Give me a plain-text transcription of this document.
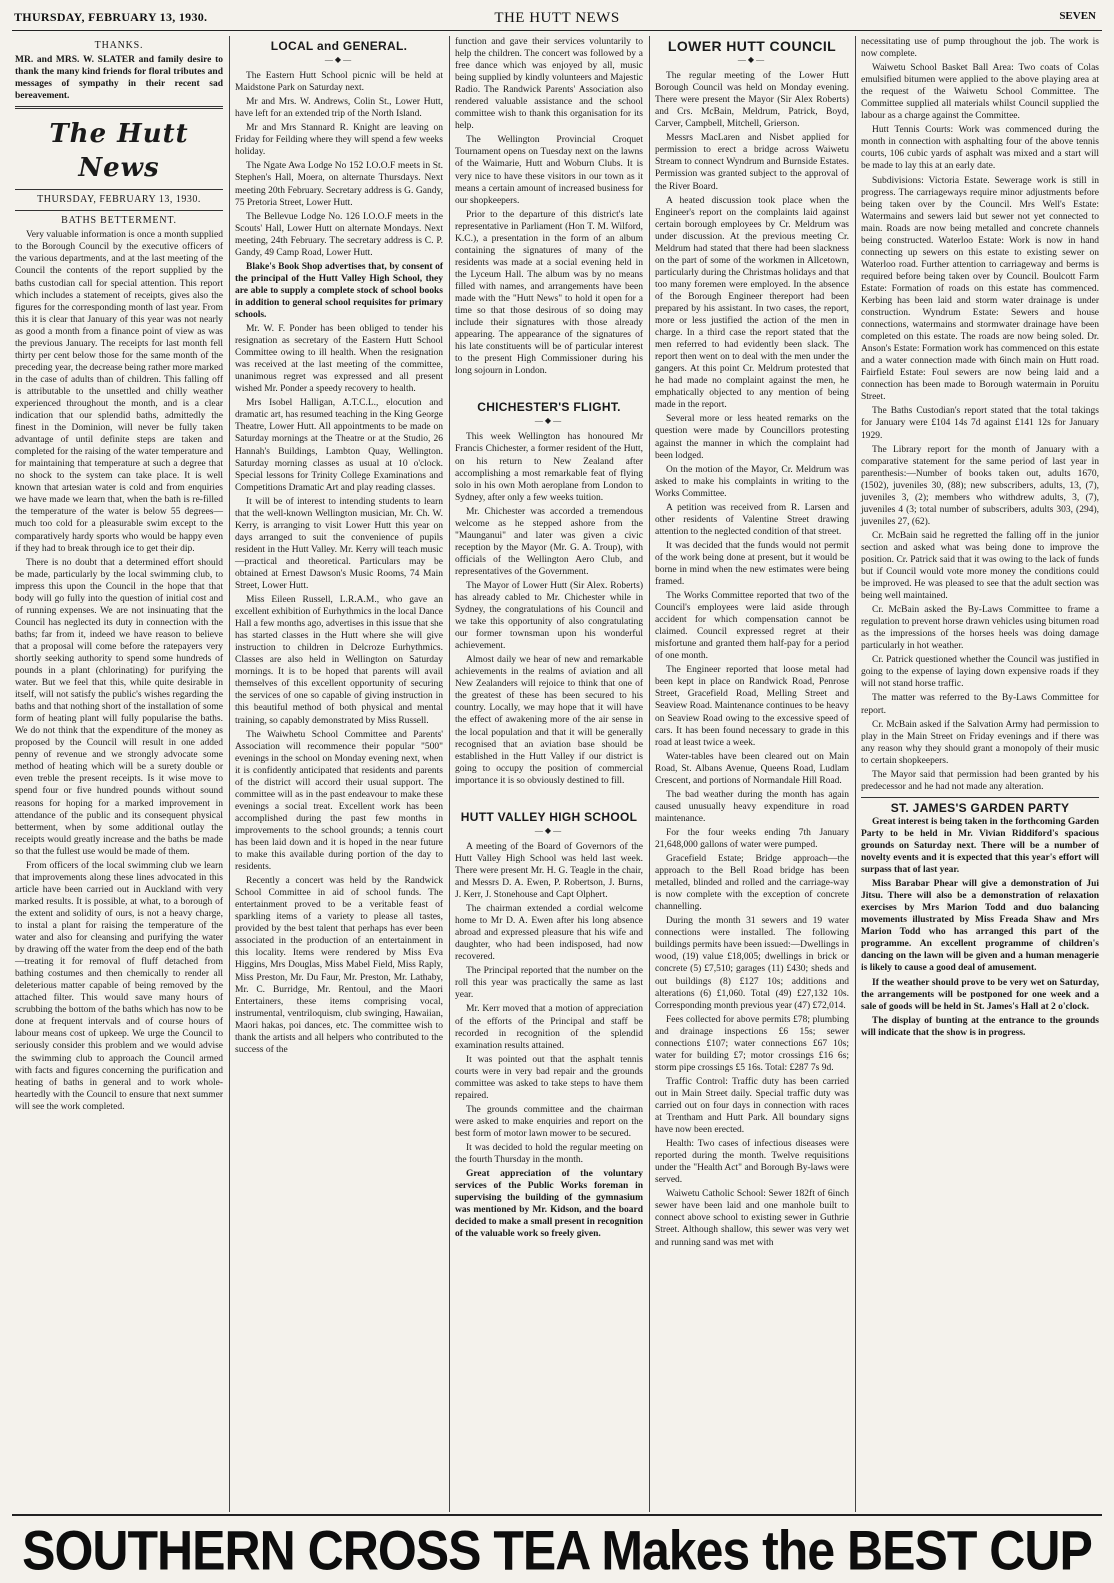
THURSDAY, FEBRUARY 13, 1930.	THE HUTT NEWS	SEVEN
THANKS.

MR. and MRS. W. SLATER and family desire to thank the many kind friends for floral tributes and messages of sympathy in their recent sad bereavement.

The Hutt News
THURSDAY, FEBRUARY 13, 1930.
BATHS BETTERMENT.

Very valuable information is once a month supplied to the Borough Council by the executive officers of the various departments, and at the last meeting of the Council the contents of the report supplied by the baths custodian call for special attention. This report which includes a statement of receipts, gives also the figures for the corresponding month of last year. From this it is clear that January of this year was not nearly as good a month from a finance point of view as was the previous January. The receipts for last month fell thirty per cent below those for the same month of the preceding year, the decrease being rather more marked in the case of adults than of children. This falling off is attributable to the unsettled and chilly weather experienced throughout the month, and is a clear indication that our splendid baths, admittedly the finest in the Dominion, will never be fully taken advantage of until definite steps are taken and completed for the raising of the water temperature and for maintaining that temperature at such a degree that no shock to the system can take place. It is well known that artesian water is cold and from enquiries we have made we learn that, when the bath is re-filled the temperature of the water is below 55 degrees—much too cold for a pleasurable swim except to the comparatively hardy sports who would be happy even if they had to break through ice to get their dip.

There is no doubt that a determined effort should be made, particularly by the local swimming club, to impress this upon the Council in the hope that that body will go fully into the question of initial cost and of running expenses. We are not insinuating that the Council has neglected its duty in connection with the baths; far from it, indeed we have reason to believe that a proposal will come before the ratepayers very shortly seeking authority to spend some hundreds of pounds in a plant (chlorinating) for purifying the water. But we feel that this, while quite desirable in itself, will not satisfy the public's wishes regarding the baths and that nothing short of the installation of some form of heating plant will fully popularise the baths. We do not think that the expenditure of the money as proposed by the Council will result in one added penny of revenue and we strongly advocate some method of heating which will be a surety double or even treble the present receipts. Is it wise move to spend four or five hundred pounds without sound reasons for hoping for a marked improvement in attendance of the public and its consequent physical betterment, when by some additional outlay the receipts would greatly increase and the baths be made so that the fullest use would be made of them.

From officers of the local swimming club we learn that improvements along these lines advocated in this article have been carried out in Auckland with very marked results. It is possible, at what, to a borough of the extent and solidity of ours, is not a heavy charge, to instal a plant for raising the temperature of the water and also for cleansing and purifying the water by drawing off the water from the deep end of the bath—treating it for removal of fluff detached from bathing costumes and then chemically to render all deleterious matter capable of being removed by the attached filter. This would save many hours of scrubbing the bottom of the baths which has now to be done at frequent intervals and of course hours of labour means cost of upkeep. We urge the Council to seriously consider this problem and we would advise the swimming club to approach the Council armed with facts and figures concerning the purification and heating of baths in general and to work whole-heartedly with the Council to ensure that next summer will see the work completed.

LOCAL and GENERAL.
—◆—

The Eastern Hutt School picnic will be held at Maidstone Park on Saturday next.

Mr and Mrs. W. Andrews, Colin St., Lower Hutt, have left for an extended trip of the North Island.

Mr and Mrs Stannard R. Knight are leaving on Friday for Feilding where they will spend a few weeks holiday.

The Ngate Awa Lodge No 152 I.O.O.F meets in St. Stephen's Hall, Moera, on alternate Thursdays. Next meeting 20th February. Secretary address is G. Gandy, 75 Pretoria Street, Lower Hutt.

The Bellevue Lodge No. 126 I.O.O.F meets in the Scouts' Hall, Lower Hutt on alternate Mondays. Next meeting, 24th February. The secretary address is C. P. Gandy, 49 Camp Road, Lower Hutt.

Blake's Book Shop advertises that, by consent of the principal of the Hutt Valley High School, they are able to supply a complete stock of school books in addition to general school requisites for primary schools.

Mr. W. F. Ponder has been obliged to tender his resignation as secretary of the Eastern Hutt School Committee owing to ill health. When the resignation was received at the last meeting of the committee, unanimous regret was expressed and all present wished Mr. Ponder a speedy recovery to health.

Mrs Isobel Halligan, A.T.C.L., elocution and dramatic art, has resumed teaching in the King George Theatre, Lower Hutt. All appointments to be made on Saturday mornings at the Theatre or at the Studio, 26 Hannah's Buildings, Lambton Quay, Wellington. Saturday morning classes as usual at 10 o'clock. Special lessons for Trinity College Examinations and Competitions Dramatic Art and play reading classes.

It will be of interest to intending students to learn that the well-known Wellington musician, Mr. Ch. W. Kerry, is arranging to visit Lower Hutt this year on days arranged to suit the convenience of pupils resident in the Hutt Valley. Mr. Kerry will teach music—practical and theoretical. Particulars may be obtained at Ernest Dawson's Music Rooms, 74 Main Street, Lower Hutt.

Miss Eileen Russell, L.R.A.M., who gave an excellent exhibition of Eurhythmics in the local Dance Hall a few months ago, advertises in this issue that she has started classes in the Hutt where she will give instruction to children in Delcroze Eurhythmics. Classes are also held in Wellington on Saturday mornings. It is to be hoped that parents will avail themselves of this excellent opportunity of securing the services of one so capable of giving instruction in this beautiful method of both physical and mental training, so capably demonstrated by Miss Russell.

The Waiwhetu School Committee and Parents' Association will recommence their popular "500" evenings in the school on Monday evening next, when it is confidently anticipated that residents and parents of the district will accord their usual support. The committee will as in the past endeavour to make these evenings a social treat. Excellent work has been accomplished during the past few months in improvements to the school grounds; a tennis court has been laid down and it is hoped in the near future to make this available during portion of the day to residents.

Recently a concert was held by the Randwick School Committee in aid of school funds. The entertainment proved to be a veritable feast of sparkling items of a variety to please all tastes, provided by the best talent that perhaps has ever been associated in the production of an entertainment in this locality. Items were rendered by Miss Eva Higgins, Mrs Douglas, Miss Mabel Field, Miss Raply, Miss Preston, Mr. Du Faur, Mr. Preston, Mr. Lathaby, Mr. C. Burridge, Mr. Rentoul, and the Maori Entertainers, these items comprising vocal, instrumental, ventriloquism, club swinging, Hawaiian, Maori hakas, poi dances, etc. The committee wish to thank the artists and all helpers who contributed to the success of the

function and gave their services voluntarily to help the children. The concert was followed by a free dance which was enjoyed by all, music being supplied by kindly volunteers and Majestic Radio. The Randwick Parents' Association also rendered valuable assistance and the school committee wish to thank this organisation for its help.

The Wellington Provincial Croquet Tournament opens on Tuesday next on the lawns of the Waimarie, Hutt and Woburn Clubs. It is very nice to have these visitors in our town as it means a certain amount of increased business for our shopkeepers.

Prior to the departure of this district's late representative in Parliament (Hon T. M. Wilford, K.C.), a presentation in the form of an album containing the signatures of many of the residents was made at a social evening held in the Lyceum Hall. The album was by no means filled with names, and arrangements have been made with the "Hutt News" to hold it open for a time so that those desirous of so doing may include their signatures with those already appearing. The appearance of the signatures of his late constituents will be of particular interest to the present High Commissioner during his long sojourn in London.

CHICHESTER'S FLIGHT.
—◆—

This week Wellington has honoured Mr Francis Chichester, a former resident of the Hutt, on his return to New Zealand after accomplishing a most remarkable feat of flying solo in his own Moth aeroplane from London to Sydney, after only a few weeks tuition.

Mr. Chichester was accorded a tremendous welcome as he stepped ashore from the "Maunganui" and later was given a civic reception by the Mayor (Mr. G. A. Troup), with officials of the Wellington Aero Club, and representatives of the Government.

The Mayor of Lower Hutt (Sir Alex. Roberts) has already cabled to Mr. Chichester while in Sydney, the congratulations of his Council and we take this opportunity of also congratulating our former townsman upon his wonderful achievement.

Almost daily we hear of new and remarkable achievements in the realms of aviation and all New Zealanders will rejoice to think that one of the greatest of these has been secured to his country. Locally, we may hope that it will have the effect of awakening more of the air sense in the local population and that it will be generally recognised that an aviation base should be established in the Hutt Valley if our district is going to occupy the position of commercial importance it is so obviously destined to fill.

HUTT VALLEY HIGH SCHOOL
—◆—

A meeting of the Board of Governors of the Hutt Valley High School was held last week. There were present Mr. H. G. Teagle in the chair, and Messrs D. A. Ewen, P. Robertson, J. Burns, J. Kerr, J. Stonehouse and Capt Olphert.

The chairman extended a cordial welcome home to Mr D. A. Ewen after his long absence abroad and expressed pleasure that his wife and daughter, who had been indisposed, had now recovered.

The Principal reported that the number on the roll this year was practically the same as last year.

Mr. Kerr moved that a motion of appreciation of the efforts of the Principal and staff be recorded in recognition of the splendid examination results attained.

It was pointed out that the asphalt tennis courts were in very bad repair and the grounds committee was asked to take steps to have them repaired.

The grounds committee and the chairman were asked to make enquiries and report on the best form of motor lawn mower to be secured.

It was decided to hold the regular meeting on the fourth Thursday in the month.

Great appreciation of the voluntary services of the Public Works foreman in supervising the building of the gymnasium was mentioned by Mr. Kidson, and the board decided to make a small present in recognition of the valuable work so freely given.

LOWER HUTT COUNCIL
—◆—

The regular meeting of the Lower Hutt Borough Council was held on Monday evening. There were present the Mayor (Sir Alex Roberts) and Crs. McBain, Meldrum, Patrick, Boyd, Carver, Campbell, Mitchell, Grierson.

Messrs MacLaren and Nisbet applied for permission to erect a bridge across Waiwetu Stream to connect Wyndrum and Burnside Estates. Permission was granted subject to the approval of the River Board.

A heated discussion took place when the Engineer's report on the complaints laid against certain borough employees by Cr. Meldrum was under discussion. At the previous meeting Cr. Meldrum had stated that there had been slackness on the part of some of the workmen in Allcetown, particularly during the Christmas holidays and that too many foremen were employed. In the absence of the Borough Engineer thereport had been prepared by his assistant. In two cases, the report, more or less justified the action of the men in charge. In a third case the report stated that the men referred to had evidently been slack. The report then went on to deal with the men under the gangers. At this point Cr. Meldrum protested that he had made no complaint against the men, he emphatically objected to any mention of being made in the report.

Several more or less heated remarks on the question were made by Councillors protesting against the manner in which the complaint had been lodged.

On the motion of the Mayor, Cr. Meldrum was asked to make his complaints in writing to the Works Committee.

A petition was received from R. Larsen and other residents of Valentine Street drawing attention to the neglected condition of that street.

It was decided that the funds would not permit of the work being done at present, but it would be borne in mind when the new estimates were being framed.

The Works Committee reported that two of the Council's employees were laid aside through accident for which compensation cannot be claimed. Council expressed regret at their misfortune and granted them half-pay for a period of one month.

The Engineer reported that loose metal had been kept in place on Randwick Road, Penrose Street, Gracefield Road, Melling Street and Seaview Road. Maintenance continues to be heavy on Seaview Road owing to the excessive speed of cars. It has been found necessary to grade in this road at least twice a week.

Water-tables have been cleared out on Main Road, St. Albans Avenue, Queens Road, Ludlam Crescent, and portions of Normandale Hill Road.

The bad weather during the month has again caused unusually heavy expenditure in road maintenance.

For the four weeks ending 7th January 21,648,000 gallons of water were pumped.

Gracefield Estate; Bridge approach—the approach to the Bell Road bridge has been metalled, blinded and rolled and the carriage-way is now complete with the exception of concrete channelling.

During the month 31 sewers and 19 water connections were installed. The following buildings permits have been issued:—Dwellings in wood, (19) value £18,005; dwellings in brick or concrete (5) £7,510; garages (11) £430; sheds and out buildings (8) £127 10s; additions and alterations (6) £1,060. Total (49) £27,132 10s. Corresponding month previous year (47) £72,014.

Fees collected for above permits £78; plumbing and drainage inspections £6 15s; sewer connections £107; water connections £67 10s; water for building £7; motor crossings £16 6s; storm pipe crossings £5 16s. Total: £287 7s 9d.

Traffic Control: Traffic duty has been carried out in Main Street daily. Special traffic duty was carried out on four days in connection with races at Trentham and Hutt Park. All boundary signs have now been erected.

Health: Two cases of infectious diseases were reported during the month. Twelve requisitions under the "Health Act" and Borough By-laws were served.

Waiwetu Catholic School: Sewer 182ft of 6inch sewer have been laid and one manhole built to connect above school to existing sewer in Guthrie Street. Although shallow, this sewer was very wet and running sand was met with

necessitating use of pump throughout the job. The work is now complete.

Waiwetu School Basket Ball Area: Two coats of Colas emulsified bitumen were applied to the above playing area at the request of the Waiwetu School Committee. The Committee supplied all materials whilst Council supplied the labour as a charge against the Committee.

Hutt Tennis Courts: Work was commenced during the month in connection with asphalting four of the above tennis courts, 106 cubic yards of asphalt was mixed and a start will be made to lay this at an early date.

Subdivisions: Victoria Estate. Sewerage work is still in progress. The carriageways require minor adjustments before being taken over by the Council. Mrs Well's Estate: Watermains and sewers laid but sewer not yet connected to main. Roads are now being metalled and concrete channels being constructed. Waterloo Estate: Work is now in hand connecting up sewers on this estate to existing sewer on Waterloo road. Further attention to carriageway and berms is required before being taken over by Council. Boulcott Farm Estate: Formation of roads on this estate has commenced. Kerbing has been laid and storm water drainage is under construction. Wyndrum Estate: Sewers and house connections, watermains and stormwater drainage have been completed on this estate. The roads are now being soled. Dr. Anson's Estate: Formation work has commenced on this estate and a water connection made with 6inch main on Hutt road. Fairfield Estate: Foul sewers are now being laid and a connection has been made to Borough watermain in Poruitu Street.

The Baths Custodian's report stated that the total takings for January were £104 14s 7d against £141 12s for January 1929.

The Library report for the month of January with a comparative statement for the same period of last year in parenthesis:—Number of books taken out, adults 1670, (1502), juveniles 30, (88); new subscribers, adults, 13, (7), juveniles 3, (2); members who withdrew adults, 3, (7), juveniles 4 (3; total number of subscribers, adults 303, (294), juveniles 27, (62).

Cr. McBain said he regretted the falling off in the junior section and asked what was being done to improve the position. Cr. Patrick said that it was owing to the lack of funds but if Council would vote more money the conditions could be improved. He was pleased to see that the adult section was being well maintained.

Cr. McBain asked the By-Laws Committee to frame a regulation to prevent horse drawn vehicles using bitumen road as the impressions of the horses heels was doing damage particularly in hot weather.

Cr. Patrick questioned whether the Council was justified in going to the expense of laying down expensive roads if they will not stand horse traffic.

The matter was referred to the By-Laws Committee for report.

Cr. McBain asked if the Salvation Army had permission to play in the Main Street on Friday evenings and if there was any reason why they should grant a monopoly of their music to certain shopkeepers.

The Mayor said that permission had been granted by his predecessor and he had not made any alteration.

ST. JAMES'S GARDEN PARTY

Great interest is being taken in the forthcoming Garden Party to be held in Mr. Vivian Riddiford's spacious grounds on Saturday next. There will be a number of novelty events and it is expected that this year's effort will surpass that of last year.

Miss Barabar Phear will give a demonstration of Jui Jitsu. There will also be a demonstration of relaxation exercises by Mrs Marion Todd and duo balancing movements illustrated by Miss Freada Shaw and Mrs Marion Todd who has arranged this part of the programme. An excellent programme of children's dancing on the lawn will be given and a human menagerie is likely to cause a good deal of amusement.

If the weather should prove to be very wet on Saturday, the arrangements will be postponed for one week and a sale of goods will be held in St. James's Hall at 2 o'clock.

The display of bunting at the entrance to the grounds will indicate that the show is in progress.

SOUTHERN CROSS TEA Makes the BEST CUP
